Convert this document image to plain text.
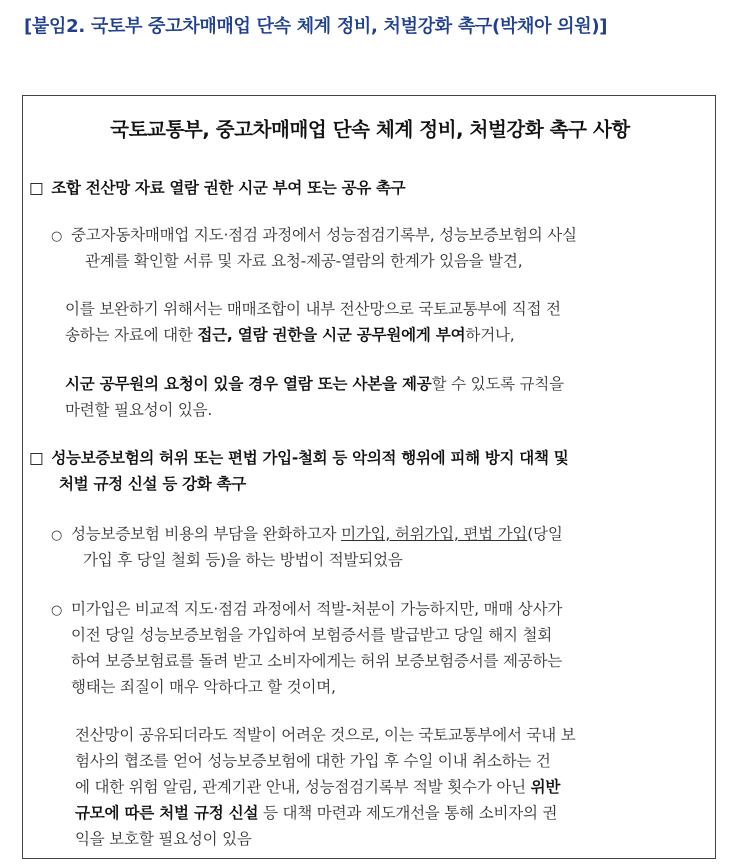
[붙임2. 국토부 중고차매매업 단속 체계 정비, 처벌강화 촉구(박채아 의원)]
국토교통부, 중고차매매업 단속 체계 정비, 처벌강화 촉구 사항
□ 조합 전산망 자료 열람 권한 시군 부여 또는 공유 촉구
○ 중고자동차매매업 지도·점검 과정에서 성능점검기록부, 성능보증보험의 사실
관계를 확인할 서류 및 자료 요청-제공-열람의 한계가 있음을 발견,
이를 보완하기 위해서는 매매조합이 내부 전산망으로 국토교통부에 직접 전
송하는 자료에 대한 접근, 열람 권한을 시군 공무원에게 부여하거나,
시군 공무원의 요청이 있을 경우 열람 또는 사본을 제공할 수 있도록 규칙을
마련할 필요성이 있음.
□ 성능보증보험의 허위 또는 편법 가입-철회 등 악의적 행위에 피해 방지 대책 및
처벌 규정 신설 등 강화 촉구
○ 성능보증보험 비용의 부담을 완화하고자 미가입, 허위가입, 편법 가입(당일
가입 후 당일 철회 등)을 하는 방법이 적발되었음
○ 미가입은 비교적 지도·점검 과정에서 적발-처분이 가능하지만, 매매 상사가
이전 당일 성능보증보험을 가입하여 보험증서를 발급받고 당일 해지 철회
하여 보증보험료를 돌려 받고 소비자에게는 허위 보증보험증서를 제공하는
행태는 죄질이 매우 악하다고 할 것이며,
전산망이 공유되더라도 적발이 어려운 것으로, 이는 국토교통부에서 국내 보
험사의 협조를 얻어 성능보증보험에 대한 가입 후 수일 이내 취소하는 건
에 대한 위험 알림, 관계기관 안내, 성능점검기록부 적발 횟수가 아닌 위반
규모에 따른 처벌 규정 신설 등 대책 마련과 제도개선을 통해 소비자의 권
익을 보호할 필요성이 있음
